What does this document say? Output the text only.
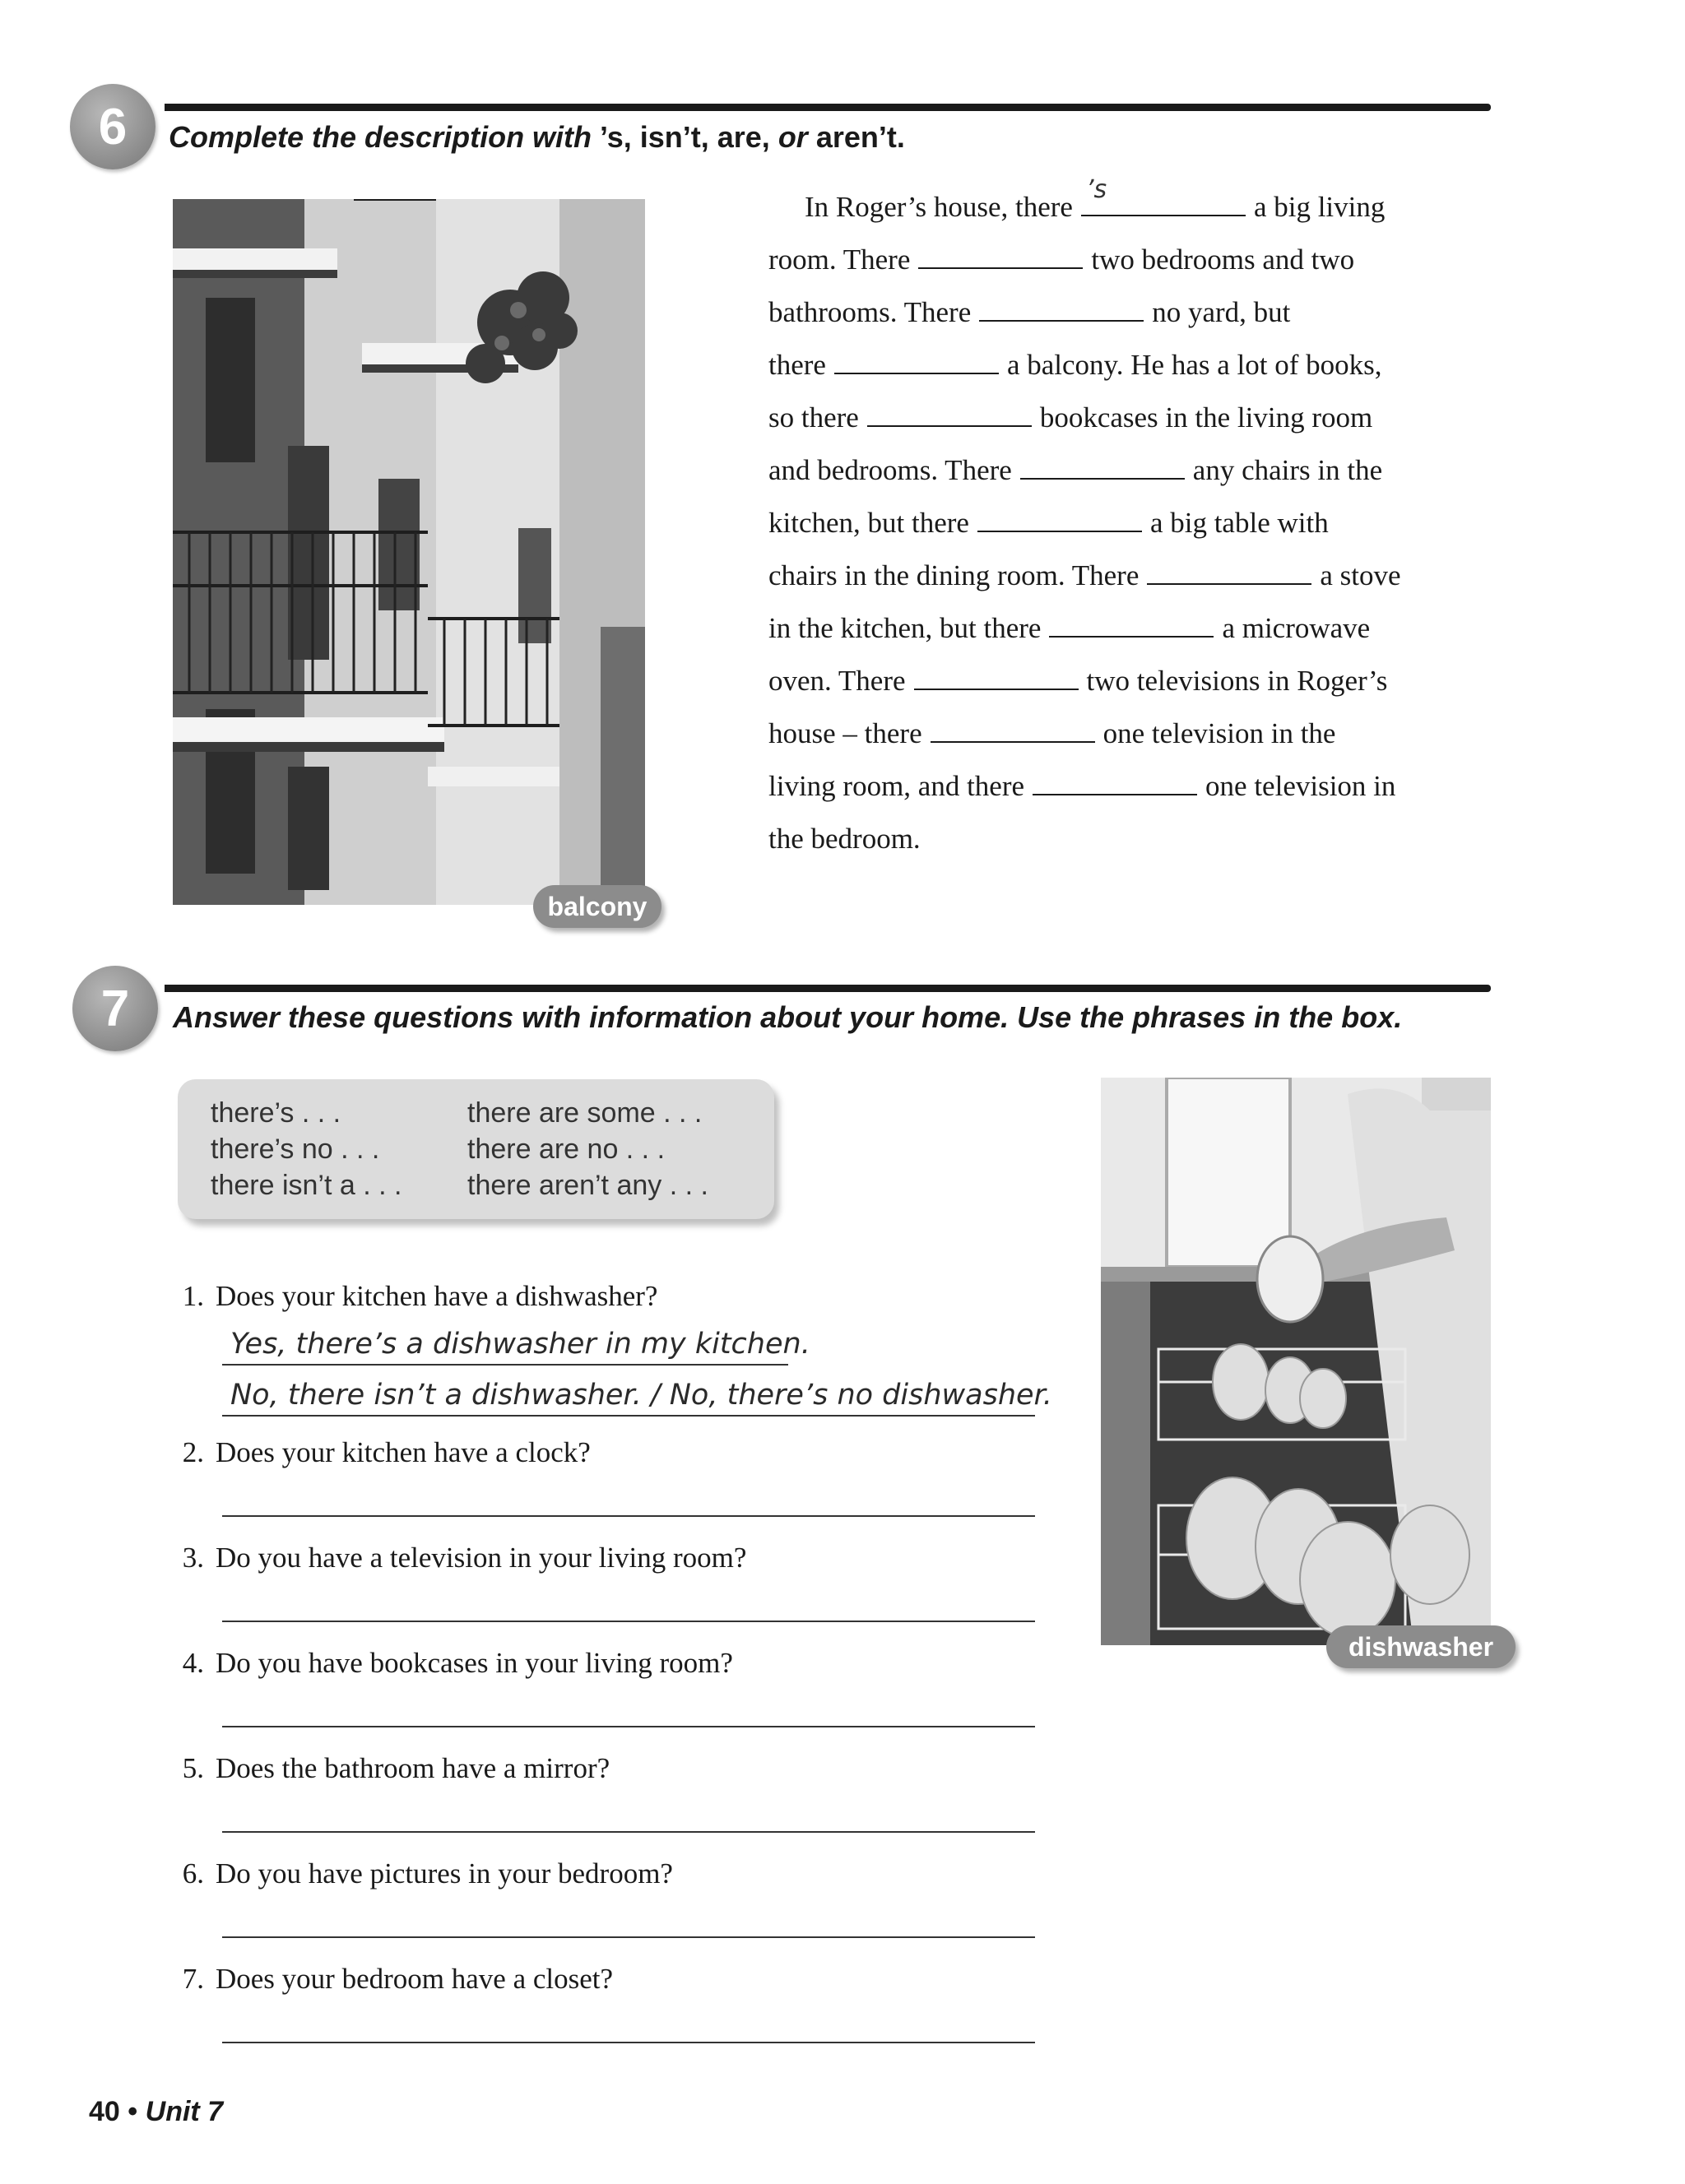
6	Complete the description with ’s, isn’t, are, or aren’t.
balcony
In Roger’s house, there
’s
a big living
room. There	two bedrooms and two
bathrooms. There	no yard, but
there	a balcony. He has a lot of books,
so there	bookcases in the living room
and bedrooms. There	any chairs in the
kitchen, but there	a big table with
chairs in the dining room. There	a stove
in the kitchen, but there	a microwave
oven. There	two televisions in Roger’s
house – there	one television in the
living room, and there	one television in
the bedroom.
7	Answer these questions with information about your home. Use the phrases in the box.
there’s . . .
there’s no . . .
there isn’t a . . .
there are some . . .
there are no . . .
there aren’t any . . .
dishwasher
1. Does your kitchen have a dishwasher?
Yes, there’s a dishwasher in my kitchen.
No, there isn’t a dishwasher. / No, there’s no dishwasher.
2. Does your kitchen have a clock?
3. Do you have a television in your living room?
4. Do you have bookcases in your living room?
5. Does the bathroom have a mirror?
6. Do you have pictures in your bedroom?
7. Does your bedroom have a closet?
40 • Unit 7
